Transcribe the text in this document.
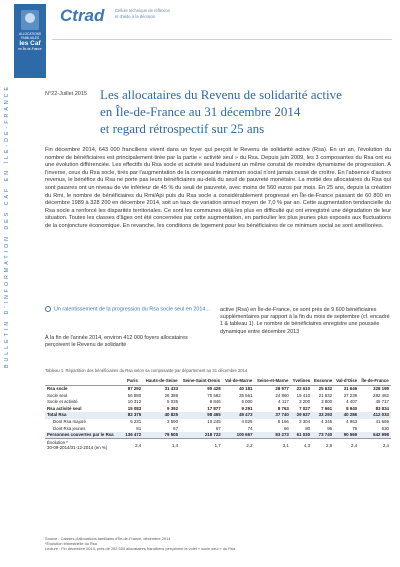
ALLOCATIONS
FAMILIALES
les Caf
en Île-de-France
Ctrad	Cellule technique de réflexion
et d'aide à la décision
BULLETIN D'INFORMATION DES CAF EN ÎLE-DE-FRANCE	N°22-Juillet 2015 Les allocataires du Revenu de solidarité active
en Île-de-France au 31 décembre 2014
et regard rétrospectif sur 25 ans
Fin décembre 2014, 643 000 franciliens vivent dans un foyer qui perçoit le Revenu de solidarité active (Rsa). En un an, l'évolution du nombre de bénéficiaires est principalement tirée par la partie « activité seul » du Rsa. Depuis juin 2009, les 3 composantes du Rsa ont eu une évolution différenciée. Les effectifs du Rsa socle et activité seul traduisent un même constat de moindre dynamisme de progression. A l'inverse, ceux du Rsa socle, tirés par l'augmentation de la composante minimum social n'ont jamais cessé de croître. En l'absence d'autres revenus, le bénéfice du Rsa ne porte pas leurs bénéficiaires au-delà du seuil de pauvreté monétaire. La moitié des allocataires du Rsa qui sont pauvres ont un niveau de vie inférieur de 45 % du seuil de pauvreté, avec moins de 560 euros par mois. En 25 ans, depuis la création du Rmi, le nombre de bénéficiaires du Rmi/Api puis du Rsa socle a considérablement progressé en Île-de-France passant de 60 800 en décembre 1989 à 328 200 en décembre 2014, soit un taux de variation annuel moyen de 7,0 % par an. Cette augmentation tendancielle du Rsa socle a renforcé les disparités territoriales. Ce sont les communes déjà les plus en difficulté qui ont enregistré une dégradation de leur situation. Toutes les classes d'âges ont été concernées par cette augmentation, en particulier les plus jeunes plus exposés aux fluctuations de la conjoncture économique. En revanche, les conditions de logement pour les bénéficiaires de ce minimum social se sont améliorées.
Un ralentissement de la progression du Rsa socle seul en 2014...
À la fin de l'année 2014, environ 412 000 foyers allocataires perçoivent le Revenu de solidarité
active (Rsa) en Île-de-France, ce sont près de 9 600 bénéficiaires supplémentaires par rapport à la fin du mois de septembre (cf. encadré 1 & tableau 1). Le nombre de bénéficiaires enregistre une poussée dynamique entre décembre 2013
Tableau 1. Répartition des bénéficiaires du Rsa selon sa composante par département au 31 décembre 2014
	Paris	Hauts-de-Seine	Seine-Saint-Denis	Val-de-Marne	Seine-et-Marne	Yvelines	Essonne	Val-d'Oise	Île-de-France
Rsa socle	87 292	31 433	90 428	40 181	28 977	22 610	25 632	31 646	328 199
Socle seul	56 980	26 388	70 582	35 561	24 860	19 410	21 632	27 239	282 482
Socle et activité	10 312	5 035	9 846	5 000	4 117	3 200	3 800	4 407	45 717
Rsa activité seul	15 083	9 392	17 877	9 291	8 763	7 027	7 661	8 940	83 834
Total Rsa	82 375	40 825	98 465	49 472	37 740	29 637	33 293	40 286	412 033
Dont Rsa majoré	5 231	3 590	10 245	4 825	5 166	3 304	4 345	4 963	41 669
Dont Rsa jeunes	81	67	67	74	66	80	96	79	630
Personnes couvertes par le Rsa	136 472	79 505	218 722	100 667	83 273	61 030	73 740	90 569	642 998
Évolution *
30-09-2014/31-12-2014 (en %)	2,4	1,4	1,7	2,2	3,1	4,3	2,9	2,4	2,4
Source : Caisses d'allocations familiales d'Île-de-France, décembre 2014
*Évolution trimestrielle du Rsa
Lecture : Fin décembre 2014, près de 282 500 allocataires franciliens perçoivent le volet « socle seul » du Rsa.
